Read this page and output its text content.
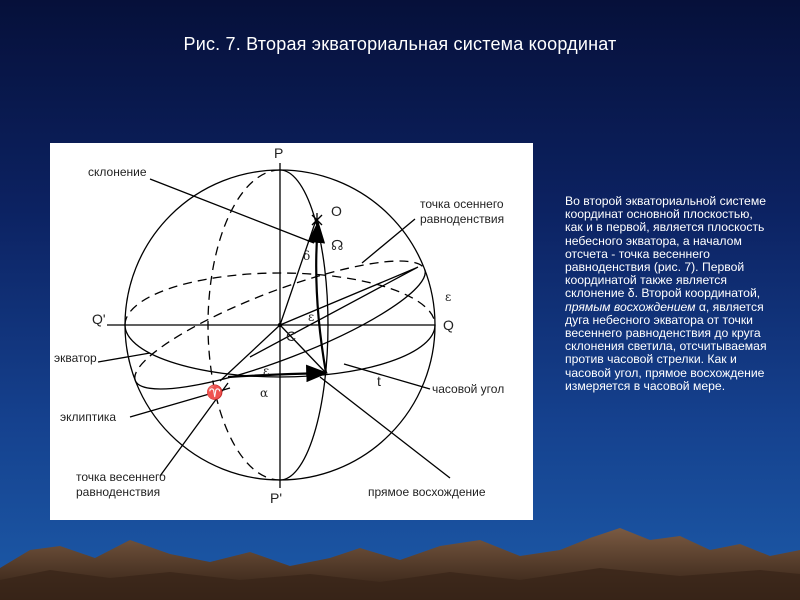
Рис. 7. Вторая экваториальная система координат
P
P'
Q
Q'
O
C
t
δ
α
ε
ε
ε
☊
♈
склонение
точка осеннего
равноденствия
экватор
часовой угол
эклиптика
точка весеннего
равноденствия	прямое восхождение
Во второй экваториальной системе координат основной плоскостью, как и в первой, является плоскость небесного экватора, а началом отсчета - точка весеннего равноденствия (рис. 7). Первой координатой также является склонение δ. Второй координатой, прямым восхождением α, является дуга небесного экватора от точки весеннего равноденствия до круга склонения светила, отсчитываемая против часовой стрелки. Как и часовой угол, прямое восхождение измеряется в часовой мере.
